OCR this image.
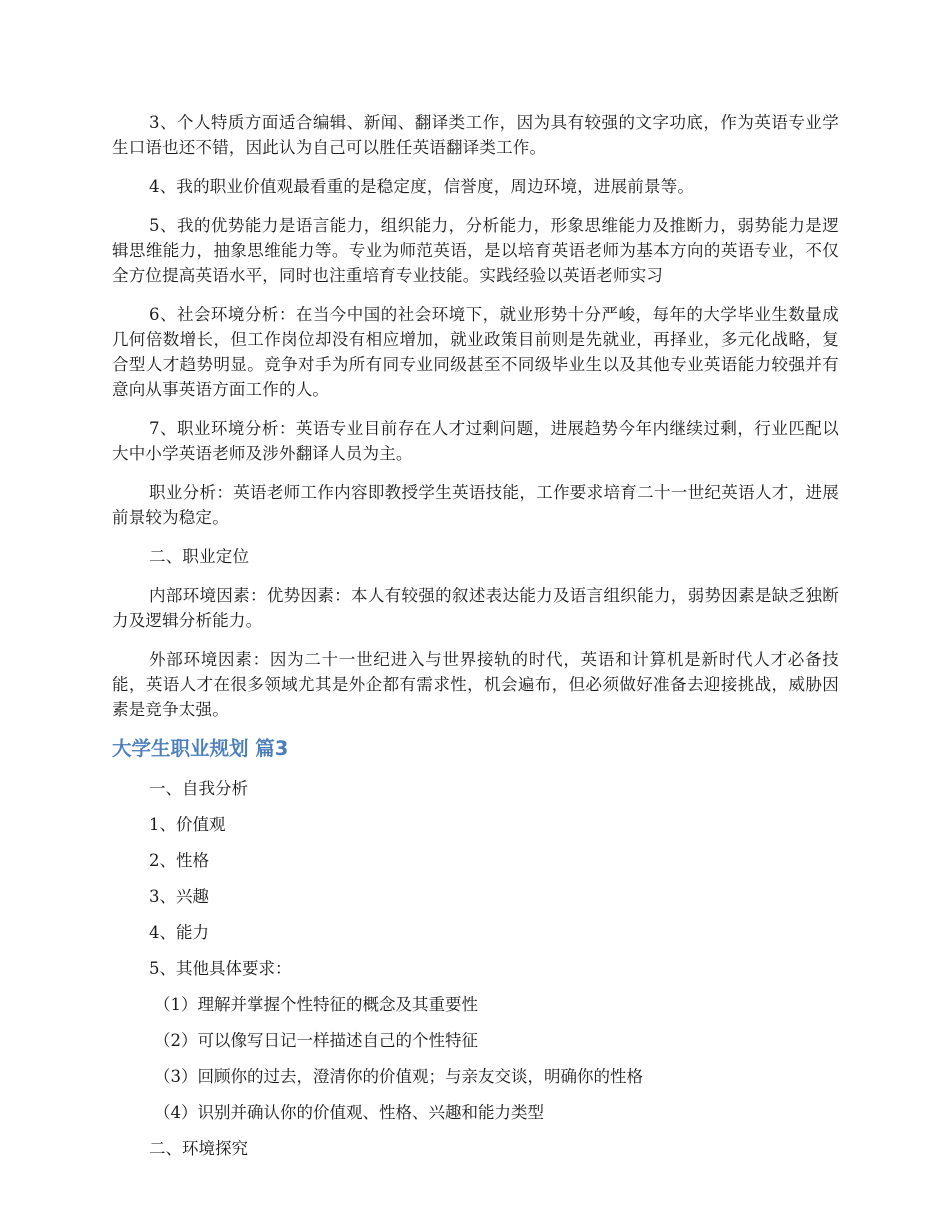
3、个人特质方面适合编辑、新闻、翻译类工作，因为具有较强的文字功底，作为英语专业学生口语也还不错，因此认为自己可以胜任英语翻译类工作。

4、我的职业价值观最看重的是稳定度，信誉度，周边环境，进展前景等。

5、我的优势能力是语言能力，组织能力，分析能力，形象思维能力及推断力，弱势能力是逻辑思维能力，抽象思维能力等。专业为师范英语，是以培育英语老师为基本方向的英语专业，不仅全方位提高英语水平，同时也注重培育专业技能。实践经验以英语老师实习

6、社会环境分析：在当今中国的社会环境下，就业形势十分严峻，每年的大学毕业生数量成几何倍数增长，但工作岗位却没有相应增加，就业政策目前则是先就业，再择业，多元化战略，复合型人才趋势明显。竞争对手为所有同专业同级甚至不同级毕业生以及其他专业英语能力较强并有意向从事英语方面工作的人。

7、职业环境分析：英语专业目前存在人才过剩问题，进展趋势今年内继续过剩，行业匹配以大中小学英语老师及涉外翻译人员为主。

职业分析：英语老师工作内容即教授学生英语技能，工作要求培育二十一世纪英语人才，进展前景较为稳定。

二、职业定位

内部环境因素：优势因素：本人有较强的叙述表达能力及语言组织能力，弱势因素是缺乏独断力及逻辑分析能力。

外部环境因素：因为二十一世纪进入与世界接轨的时代，英语和计算机是新时代人才必备技能，英语人才在很多领域尤其是外企都有需求性，机会遍布，但必须做好准备去迎接挑战，威胁因素是竞争太强。

大学生职业规划 篇3

一、自我分析

1、价值观

2、性格

3、兴趣

4、能力

5、其他具体要求：

（1）理解并掌握个性特征的概念及其重要性

（2）可以像写日记一样描述自己的个性特征

（3）回顾你的过去，澄清你的价值观；与亲友交谈，明确你的性格

（4）识别并确认你的价值观、性格、兴趣和能力类型

二、环境探究
